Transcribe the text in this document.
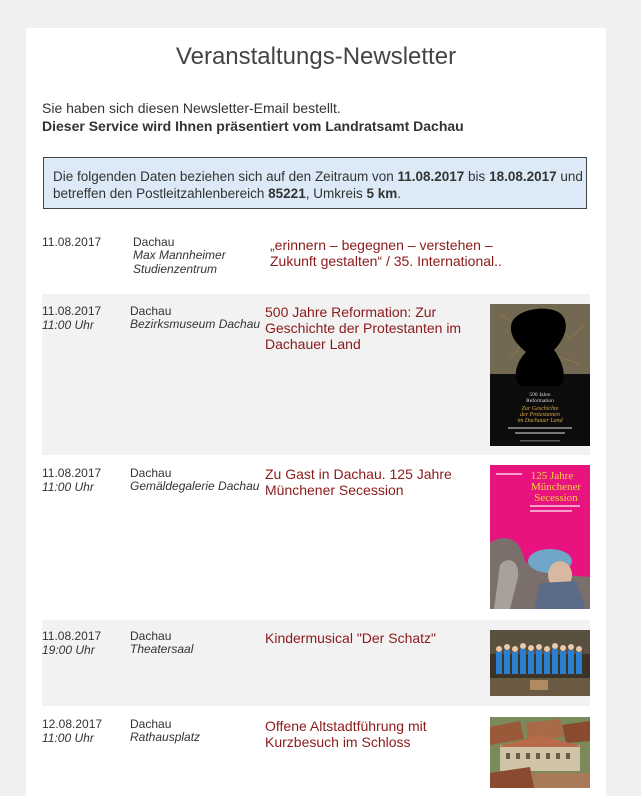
Veranstaltungs-Newsletter
Sie haben sich diesen Newsletter-Email bestellt.
Dieser Service wird Ihnen präsentiert vom Landratsamt Dachau
Die folgenden Daten beziehen sich auf den Zeitraum von 11.08.2017 bis 18.08.2017 und betreffen den Postleitzahlenbereich 85221, Umkreis 5 km.
11.08.2017	Dachau
Max Mannheimer Studienzentrum
„erinnern – begegnen – verstehen – Zukunft gestalten“ / 35. International..
11.08.2017
11:00 Uhr
Dachau
Bezirksmuseum Dachau
500 Jahre Reformation: Zur Geschichte der Protestanten im Dachauer Land
500 Jahre
Reformation
Zur Geschichte
der Protestanten
im Dachauer Land
11.08.2017
11:00 Uhr
Dachau
Gemäldegalerie Dachau
Zu Gast in Dachau. 125 Jahre Münchener Secession
125 Jahre
Münchener
Secession
11.08.2017
19:00 Uhr
Dachau
Theatersaal
Kindermusical "Der Schatz"
12.08.2017
11:00 Uhr
Dachau
Rathausplatz
Offene Altstadtführung mit Kurzbesuch im Schloss
